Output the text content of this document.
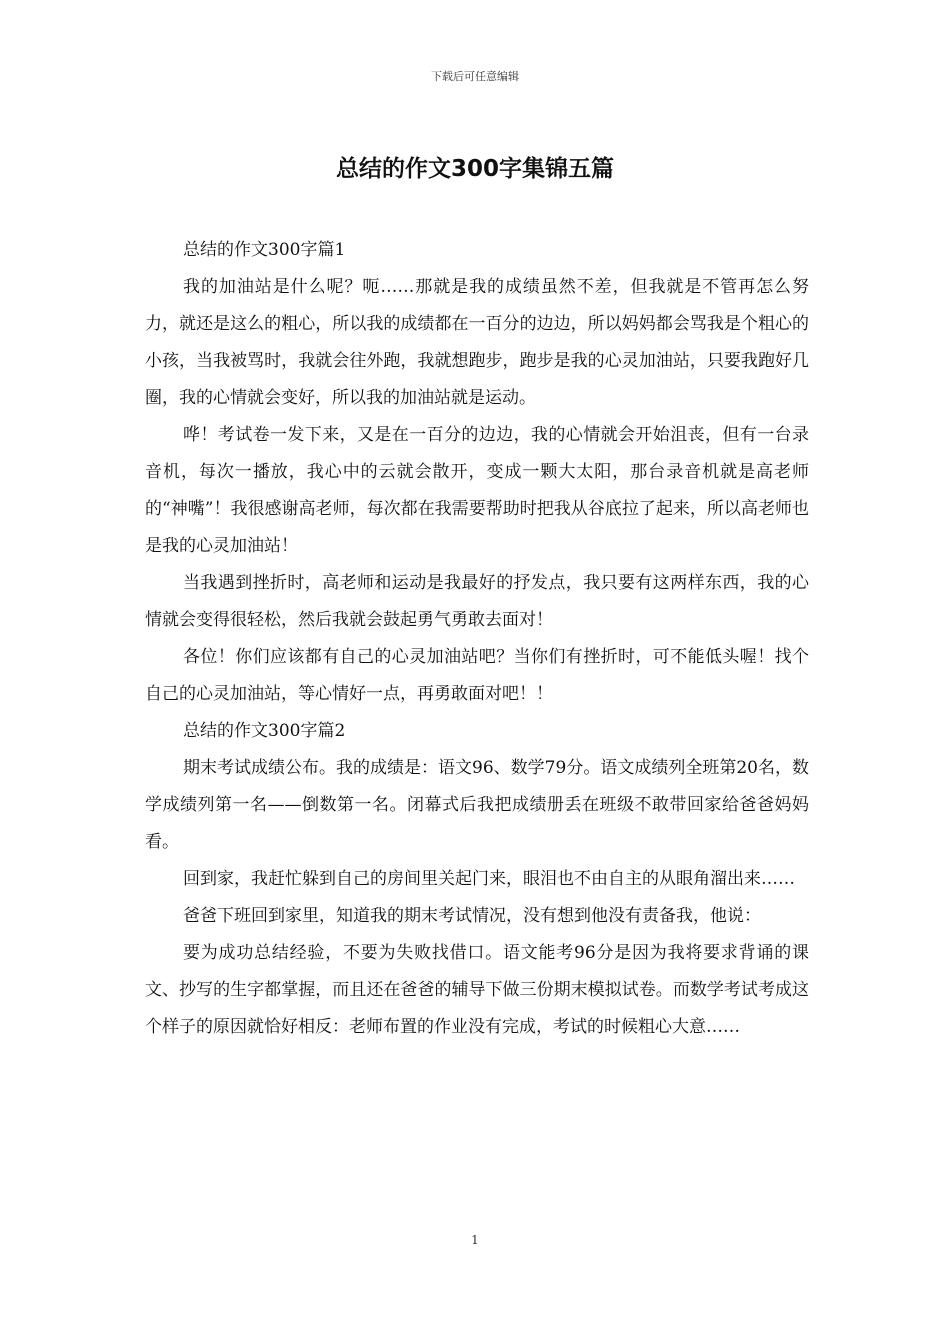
下载后可任意编辑
总结的作文300字集锦五篇

总结的作文300字篇1

我的加油站是什么呢？呃……那就是我的成绩虽然不差，但我就是不管再怎么努力，就还是这么的粗心，所以我的成绩都在一百分的边边，所以妈妈都会骂我是个粗心的小孩，当我被骂时，我就会往外跑，我就想跑步，跑步是我的心灵加油站，只要我跑好几圈，我的心情就会变好，所以我的加油站就是运动。

哗！考试卷一发下来，又是在一百分的边边，我的心情就会开始沮丧，但有一台录音机，每次一播放，我心中的云就会散开，变成一颗大太阳，那台录音机就是高老师的“神嘴”！我很感谢高老师，每次都在我需要帮助时把我从谷底拉了起来，所以高老师也是我的心灵加油站！

当我遇到挫折时，高老师和运动是我最好的抒发点，我只要有这两样东西，我的心情就会变得很轻松，然后我就会鼓起勇气勇敢去面对！

各位！你们应该都有自己的心灵加油站吧？当你们有挫折时，可不能低头喔！找个自己的心灵加油站，等心情好一点，再勇敢面对吧！！

总结的作文300字篇2

期末考试成绩公布。我的成绩是：语文96、数学79分。语文成绩列全班第20名，数学成绩列第一名——倒数第一名。闭幕式后我把成绩册丢在班级不敢带回家给爸爸妈妈看。

回到家，我赶忙躲到自己的房间里关起门来，眼泪也不由自主的从眼角溜出来……

爸爸下班回到家里，知道我的期末考试情况，没有想到他没有责备我，他说：

要为成功总结经验，不要为失败找借口。语文能考96分是因为我将要求背诵的课文、抄写的生字都掌握，而且还在爸爸的辅导下做三份期末模拟试卷。而数学考试考成这个样子的原因就恰好相反：老师布置的作业没有完成，考试的时候粗心大意……

1
